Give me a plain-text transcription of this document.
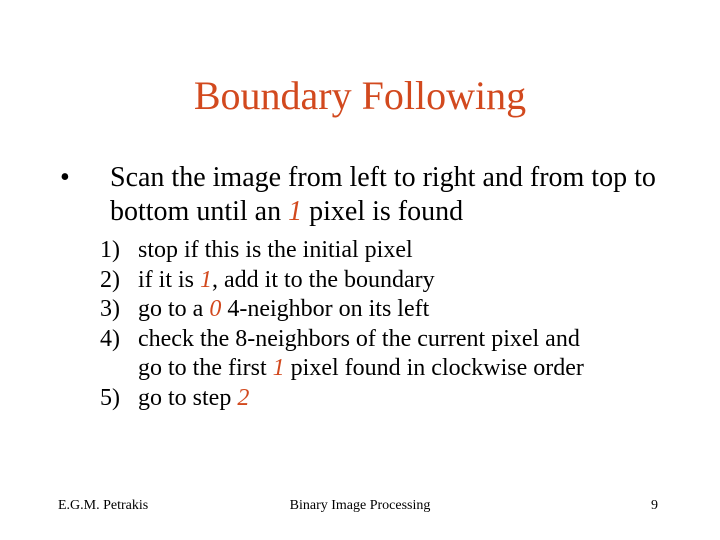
Boundary Following
• Scan the image from left to right and from top to bottom until an 1 pixel is found
1) stop if this is the initial pixel
2) if it is 1, add it to the boundary
3) go to a 0 4-neighbor on its left
4) check the 8-neighbors of the current pixel and
go to the first 1 pixel found in clockwise order
5) go to step 2
E.G.M. Petrakis	Binary Image Processing	9
